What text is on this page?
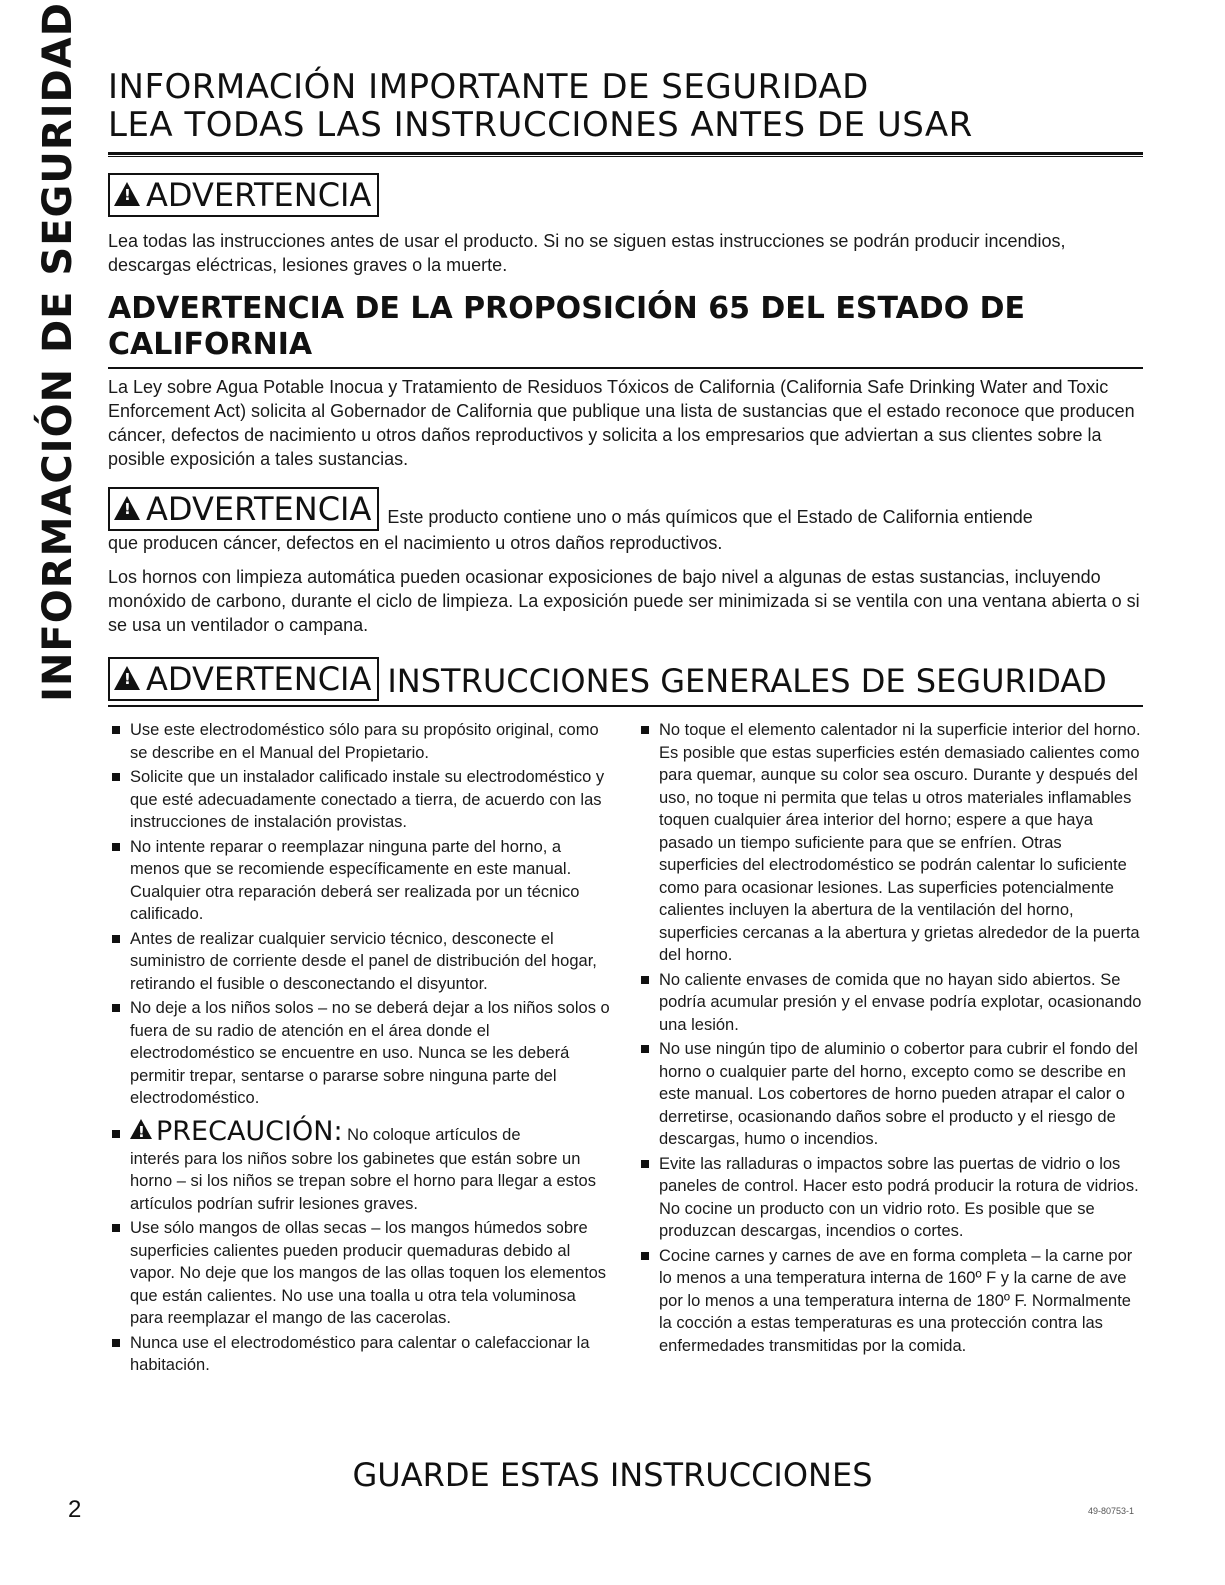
INFORMACIÓN DE SEGURIDAD INFORMACIÓN IMPORTANTE DE SEGURIDAD
LEA TODAS LAS INSTRUCCIONES ANTES DE USAR
!
ADVERTENCIA

Lea todas las instrucciones antes de usar el producto. Si no se siguen estas instrucciones se podrán producir incendios, descargas eléctricas, lesiones graves o la muerte.

ADVERTENCIA DE LA PROPOSICIÓN 65 DEL ESTADO DE CALIFORNIA

La Ley sobre Agua Potable Inocua y Tratamiento de Residuos Tóxicos de California (California Safe Drinking Water and Toxic Enforcement Act) solicita al Gobernador de California que publique una lista de sustancias que el estado reconoce que producen cáncer, defectos de nacimiento u otros daños reproductivos y solicita a los empresarios que adviertan a sus clientes sobre la posible exposición a tales sustancias.

!
ADVERTENCIA Este producto contiene uno o más químicos que el Estado de California entiende

que producen cáncer, defectos en el nacimiento u otros daños reproductivos.

Los hornos con limpieza automática pueden ocasionar exposiciones de bajo nivel a algunas de estas sustancias, incluyendo monóxido de carbono, durante el ciclo de limpieza. La exposición puede ser minimizada si se ventila con una ventana abierta o si se usa un ventilador o campana.

!
ADVERTENCIA INSTRUCCIONES GENERALES DE SEGURIDAD
Use este electrodoméstico sólo para su propósito original, como se describe en el Manual del Propietario.
Solicite que un instalador calificado instale su electrodoméstico y que esté adecuadamente conectado a tierra, de acuerdo con las instrucciones de instalación provistas.
No intente reparar o reemplazar ninguna parte del horno, a menos que se recomiende específicamente en este manual. Cualquier otra reparación deberá ser realizada por un técnico calificado.
Antes de realizar cualquier servicio técnico, desconecte el suministro de corriente desde el panel de distribución del hogar, retirando el fusible o desconectando el disyuntor.
No deje a los niños solos – no se deberá dejar a los niños solos o fuera de su radio de atención en el área donde el electrodoméstico se encuentre en uso. Nunca se les deberá permitir trepar, sentarse o pararse sobre ninguna parte del electrodoméstico.
!PRECAUCIÓN: No coloque artículos de
interés para los niños sobre los gabinetes que están sobre un horno – si los niños se trepan sobre el horno para llegar a estos artículos podrían sufrir lesiones graves.
Use sólo mangos de ollas secas – los mangos húmedos sobre superficies calientes pueden producir quemaduras debido al vapor. No deje que los mangos de las ollas toquen los elementos que están calientes. No use una toalla u otra tela voluminosa para reemplazar el mango de las cacerolas.
Nunca use el electrodoméstico para calentar o calefaccionar la habitación.
No toque el elemento calentador ni la superficie interior del horno. Es posible que estas superficies estén demasiado calientes como para quemar, aunque su color sea oscuro. Durante y después del uso, no toque ni permita que telas u otros materiales inflamables toquen cualquier área interior del horno; espere a que haya pasado un tiempo suficiente para que se enfríen. Otras superficies del electrodoméstico se podrán calentar lo suficiente como para ocasionar lesiones. Las superficies potencialmente calientes incluyen la abertura de la ventilación del horno, superficies cercanas a la abertura y grietas alrededor de la puerta del horno.
No caliente envases de comida que no hayan sido abiertos. Se podría acumular presión y el envase podría explotar, ocasionando una lesión.
No use ningún tipo de aluminio o cobertor para cubrir el fondo del horno o cualquier parte del horno, excepto como se describe en este manual. Los cobertores de horno pueden atrapar el calor o derretirse, ocasionando daños sobre el producto y el riesgo de descargas, humo o incendios.
Evite las ralladuras o impactos sobre las puertas de vidrio o los paneles de control. Hacer esto podrá producir la rotura de vidrios. No cocine un producto con un vidrio roto. Es posible que se produzcan descargas, incendios o cortes.
Cocine carnes y carnes de ave en forma completa – la carne por lo menos a una temperatura interna de 160º F y la carne de ave por lo menos a una temperatura interna de 180º F. Normalmente la cocción a estas temperaturas es una protección contra las enfermedades transmitidas por la comida.
GUARDE ESTAS INSTRUCCIONES
2	49-80753-1
